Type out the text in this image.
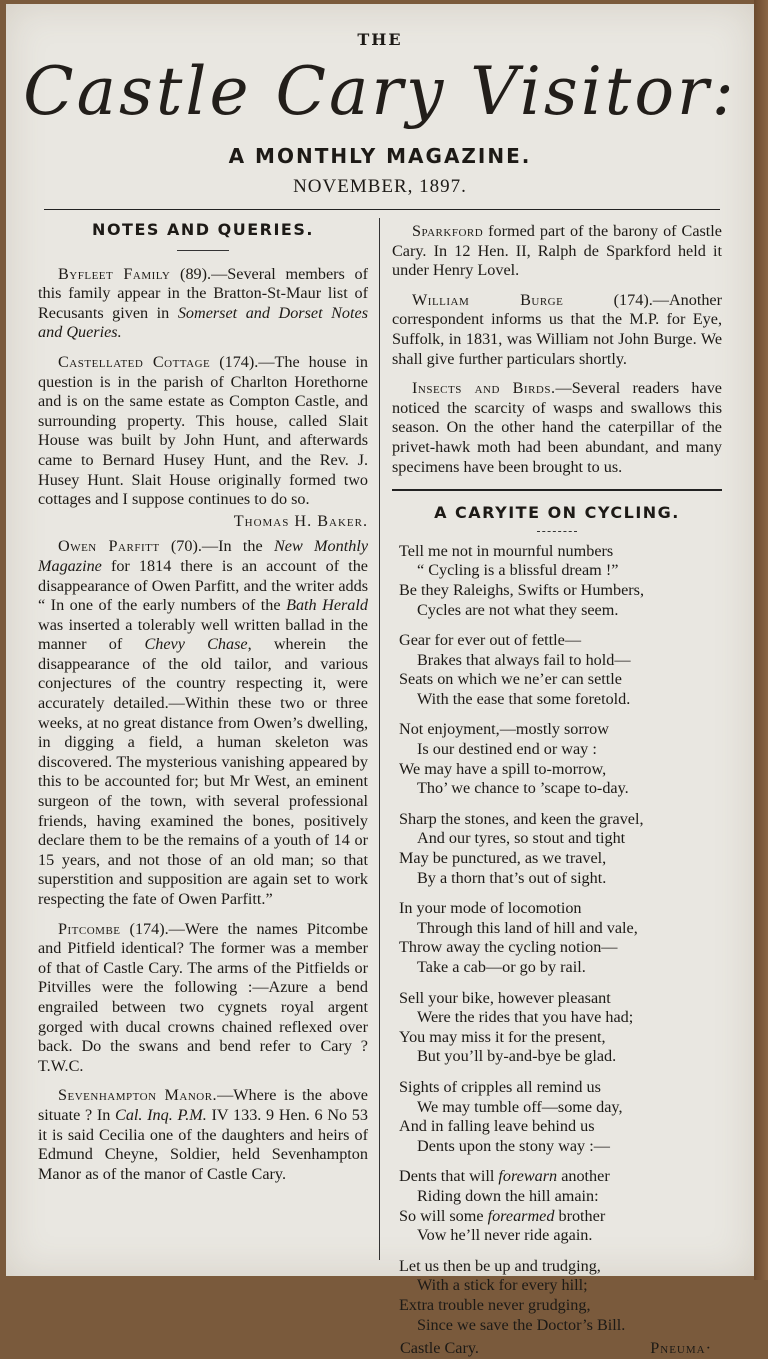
THE
Castle Cary Visitor:
A MONTHLY MAGAZINE.
NOVEMBER, 1897.
NOTES AND QUERIES.

Byfleet Family (89).—Several members of this family appear in the Bratton-St-Maur list of Recusants given in Somerset and Dorset Notes and Queries.

Castellated Cottage (174).—The house in question is in the parish of Charlton Horethorne and is on the same estate as Compton Castle, and surrounding property. This house, called Slait House was built by John Hunt, and afterwards came to Bernard Husey Hunt, and the Rev. J. Husey Hunt. Slait House originally formed two cottages and I suppose continues to do so.

Thomas H. Baker.

Owen Parfitt (70).—In the New Monthly Magazine for 1814 there is an account of the disappearance of Owen Parfitt, and the writer adds “ In one of the early numbers of the Bath Herald was inserted a tolerably well written ballad in the manner of Chevy Chase, wherein the disappearance of the old tailor, and various conjectures of the country respecting it, were accurately detailed.—Within these two or three weeks, at no great distance from Owen’s dwelling, in digging a field, a human skeleton was discovered. The mysterious vanishing appeared by this to be accounted for; but Mr West, an eminent surgeon of the town, with several professional friends, having examined the bones, positively declare them to be the remains of a youth of 14 or 15 years, and not those of an old man; so that superstition and supposition are again set to work respecting the fate of Owen Parfitt.”

Pitcombe (174).—Were the names Pitcombe and Pitfield identical? The former was a member of that of Castle Cary. The arms of the Pitfields or Pitvilles were the following :—Azure a bend engrailed between two cygnets royal argent gorged with ducal crowns chained reflexed over back. Do the swans and bend refer to Cary ? T.W.C.

Sevenhampton Manor.—Where is the above situate ? In Cal. Inq. P.M. IV 133. 9 Hen. 6 No 53 it is said Cecilia one of the daughters and heirs of Edmund Cheyne, Soldier, held Sevenhampton Manor as of the manor of Castle Cary.

Sparkford formed part of the barony of Castle Cary. In 12 Hen. II, Ralph de Sparkford held it under Henry Lovel.

William Burge (174).—Another correspondent informs us that the M.P. for Eye, Suffolk, in 1831, was William not John Burge. We shall give further particulars shortly.

Insects and Birds.—Several readers have noticed the scarcity of wasps and swallows this season. On the other hand the caterpillar of the privet-hawk moth had been abundant, and many specimens have been brought to us.

A CARYITE ON CYCLING.
Tell me not in mournful numbers
“ Cycling is a blissful dream !”
Be they Raleighs, Swifts or Humbers,
Cycles are not what they seem.
Gear for ever out of fettle—
Brakes that always fail to hold—
Seats on which we ne’er can settle
With the ease that some foretold.
Not enjoyment,—mostly sorrow
Is our destined end or way :
We may have a spill to-morrow,
Tho’ we chance to ’scape to-day.
Sharp the stones, and keen the gravel,
And our tyres, so stout and tight
May be punctured, as we travel,
By a thorn that’s out of sight.
In your mode of locomotion
Through this land of hill and vale,
Throw away the cycling notion—
Take a cab—or go by rail.
Sell your bike, however pleasant
Were the rides that you have had;
You may miss it for the present,
But you’ll by-and-bye be glad.
Sights of cripples all remind us
We may tumble off—some day,
And in falling leave behind us
Dents upon the stony way :—
Dents that will forewarn another
Riding down the hill amain:
So will some forearmed brother
Vow he’ll never ride again.
Let us then be up and trudging,
With a stick for every hill;
Extra trouble never grudging,
Since we save the Doctor’s Bill.
Castle Cary.	Pneuma·
